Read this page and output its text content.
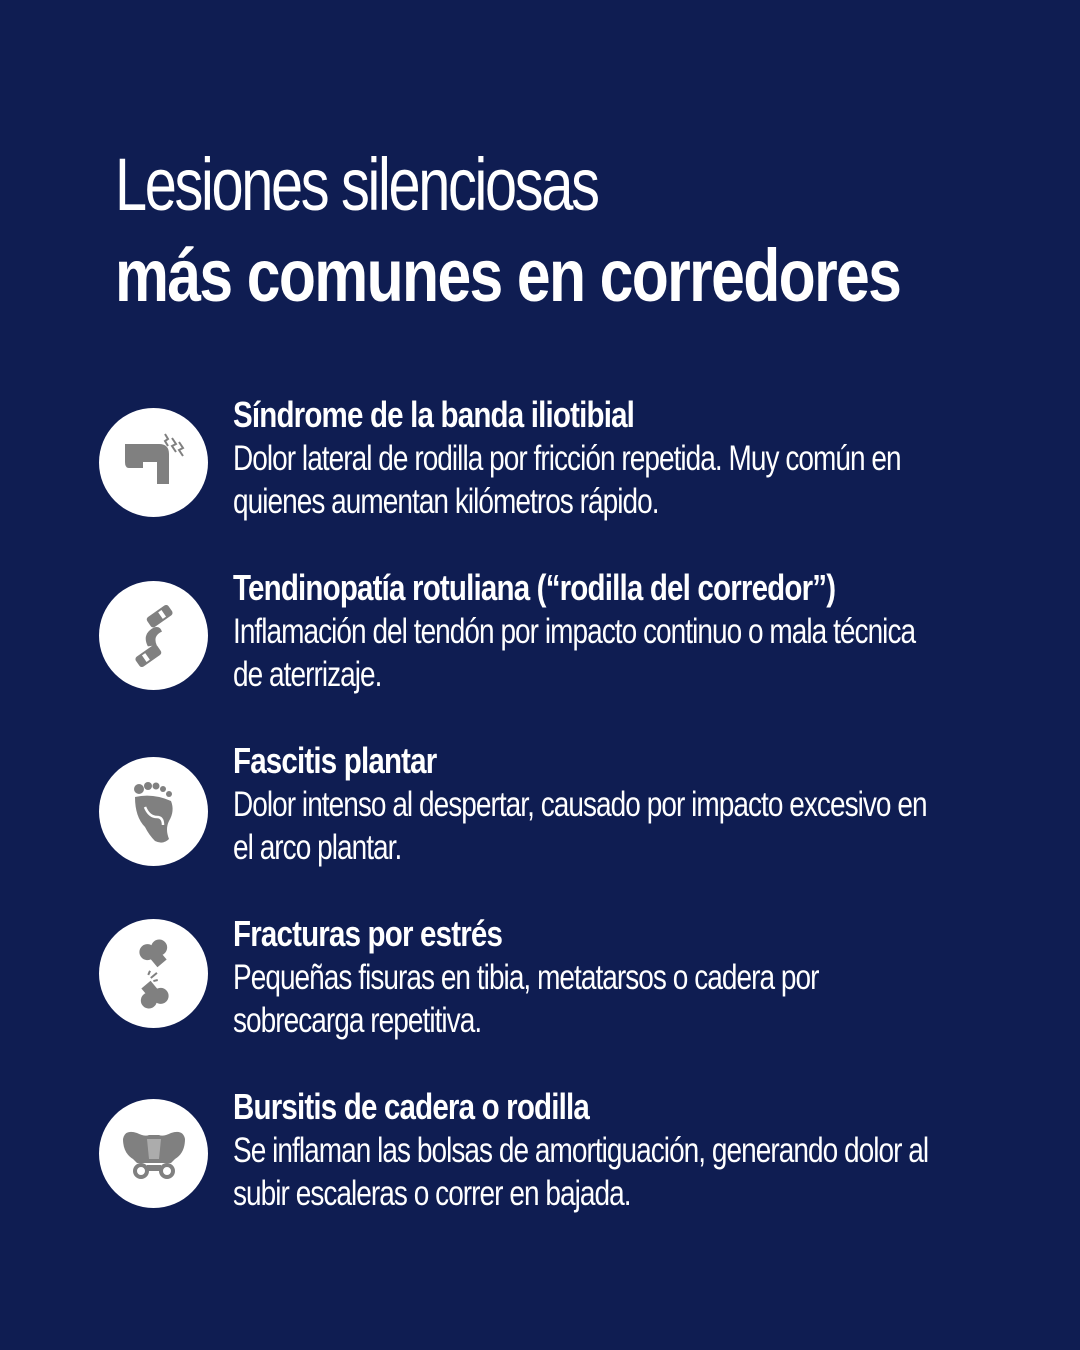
Lesiones silenciosas
más comunes en corredores
Síndrome de la banda iliotibial
Dolor lateral de rodilla por fricción repetida. Muy común en quienes aumentan kilómetros rápido.
Tendinopatía rotuliana (“rodilla del corredor”)
Inflamación del tendón por impacto continuo o mala técnica de aterrizaje.
Fascitis plantar
Dolor intenso al despertar, causado por impacto excesivo en el arco plantar.
Fracturas por estrés
Pequeñas fisuras en tibia, metatarsos o cadera por sobrecarga repetitiva.
Bursitis de cadera o rodilla
Se inflaman las bolsas de amortiguación, generando dolor al subir escaleras o correr en bajada.
